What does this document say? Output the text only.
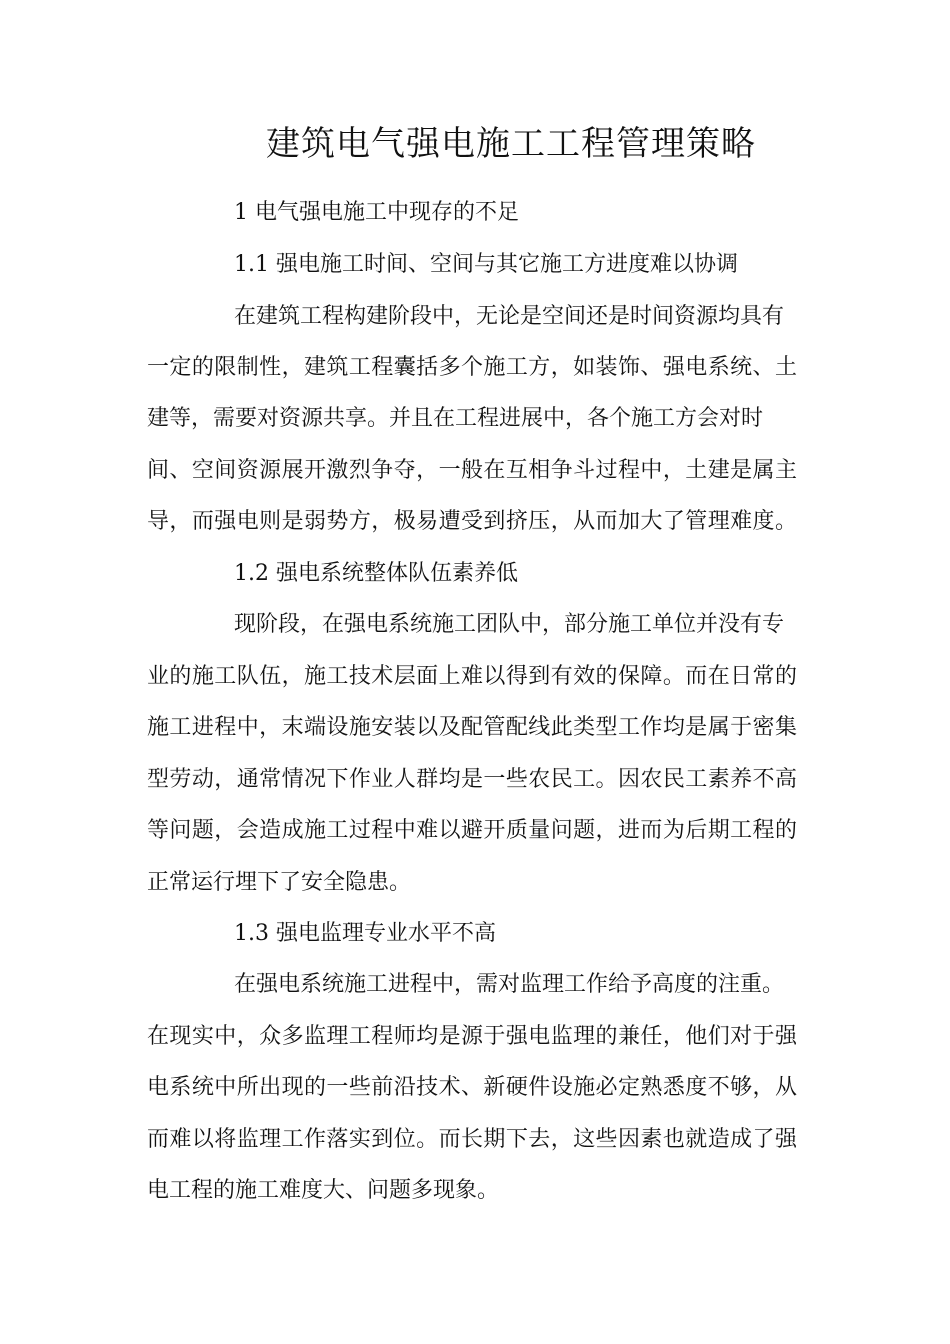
建筑电气强电施工工程管理策略
1 电气强电施工中现存的不足
1.1 强电施工时间、空间与其它施工方进度难以协调
在建筑工程构建阶段中，无论是空间还是时间资源均具有
一定的限制性，建筑工程囊括多个施工方，如装饰、强电系统、土
建等，需要对资源共享。并且在工程进展中，各个施工方会对时
间、空间资源展开激烈争夺，一般在互相争斗过程中，土建是属主
导，而强电则是弱势方，极易遭受到挤压，从而加大了管理难度。
1.2 强电系统整体队伍素养低
现阶段，在强电系统施工团队中，部分施工单位并没有专
业的施工队伍，施工技术层面上难以得到有效的保障。而在日常的
施工进程中，末端设施安装以及配管配线此类型工作均是属于密集
型劳动，通常情况下作业人群均是一些农民工。因农民工素养不高
等问题，会造成施工过程中难以避开质量问题，进而为后期工程的
正常运行埋下了安全隐患。
1.3 强电监理专业水平不高
在强电系统施工进程中，需对监理工作给予高度的注重。
在现实中，众多监理工程师均是源于强电监理的兼任，他们对于强
电系统中所出现的一些前沿技术、新硬件设施必定熟悉度不够，从
而难以将监理工作落实到位。而长期下去，这些因素也就造成了强
电工程的施工难度大、问题多现象。
